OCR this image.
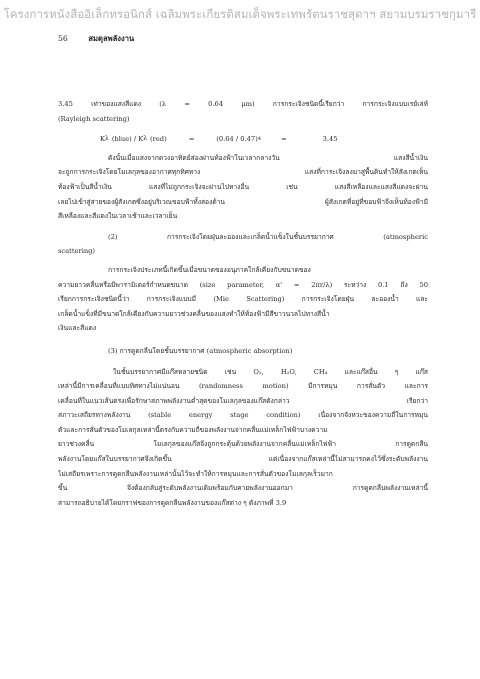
โครงการหนังสืออิเล็กทรอนิกส์ เฉลิมพระเกียรติสมเด็จพระเทพรัตนราชสุดาฯ สยามบรมราชกุมารี
56	สมดุลพลังงาน
3.45 เท่าของแสงสีแดง (λ = 0.64 μm) การกระเจิงชนิดนี้เรียกว่า การกระเจิงแบบเรย์เล่ห์
(Rayleigh scattering)
K λ (blue) / K λ (red)	=	(0.64 / 0.47) 4	=	3.45
ดังนั้นเมื่อแสงจากดวงอาทิตย์ส่องผ่านท้องฟ้าในเวลากลางวัน แสงสีน้ำเงิน
จะถูกการกระเจิงโดยโมเลกุลของอากาศทุกทิศทาง แสงที่การะเจิงลงมาสู่พื้นดินทำให้สังเกตเห็น
ท้องฟ้าเป็นสีน้ำเงิน แสงที่ไม่ถูกกระเจิงจะผ่านไปทางอื่น เช่น แสงสีเหลืองและแสงสีแดงจะผ่าน
เลยไปเข้าสู่สายของผู้สังเกตซึ่งอยู่บริเวณขอบฟ้าทั้งสองด้าน ผู้สังเกตที่อยู่ที่ขอบฟ้าจึงเห็นท้องฟ้ามี
สีเหลืองและสีแดงในเวลาเช้าและเวลาเย็น
(2) การกระเจิงโดยฝุ่นละอองและเกล็ดน้ำแข็งในชั้นบรรยากาศ (atmospheric
scattering)
การกระเจิงประเภทนี้เกิดขึ้นเมื่อขนาดของอนุภาคใกล้เคียงกับขนาดของ
ความยาวคลื่นหรือมีพารามิเตอร์กำหนดขนาด (size parameter, α' = 2πr/λ) ระหว่าง 0.1 ถึง 50
เรียกการกระเจิงชนิดนี้ว่า การกระเจิงแบบมี (Mie Scattering) การกระเจิงโดยฝุ่น ละอองน้ำ และ
เกล็ดน้ำแข็งที่มีขนาดใกล้เคียงกับความยาวช่วงคลื่นของแสงทำให้ท้องฟ้ามีสีขาวนวลไปทางสีน้ำ
เงินและสีแดง
(3) การดูดกลืนโดยชั้นบรรยากาศ (atmospheric absorption)
ในชั้นบรรยากาศมีแก๊สหลายชนิด เช่น O₂, H₂O, CH₄ และแก๊สอื่น ๆ แก๊ส
เหล่านี้มีการเคลื่อนที่แบบทิศทางไม่แน่นอน (randomness motion) มีการหมุน การสั่นตัว และการ
เคลื่อนที่ในแนวเส้นตรงเพื่อรักษาสภาพพลังงานต่ำสุดของโมเลกุลของแก๊สดังกล่าว เรียกว่า
สภาวะเสถียรทางพลังงาน (stable energy stage condition) เนื่องจากจังหวะของความถี่ในการหมุน
ตัวและการสั่นตัวของโมเลกุลเหล่านี้ตรงกับความถี่ของพลังงานจากคลื่นแม่เหล็กไฟฟ้าบางความ
ยาวช่วงคลื่น โมเลกุลของแก๊สจึงถูกกระตุ้นด้วยพลังงานจากคลื่นแม่เหล็กไฟฟ้า การดูดกลืน
พลังงานโดยแก๊สในบรรยากาศจึงเกิดขึ้น แต่เนื่องจากแก๊สเหล่านี้ไม่สามารถคงไว้ซึ่งระดับพลังงาน
ไม่เสถียรเพราะการดูดกลืนพลังงานเหล่านั้นไว้จะทำให้การหมุนและการสั่นตัวของโมเลกุลเร็วมาก
ขึ้น จึงต้องกลับสู่ระดับพลังงานเดิมพร้อมกับคายพลังงานออกมา การดูดกลืนพลังงานเหล่านี้
สามารถอธิบายได้โดยกราฟของการดูดกลืนพลังงานของแก๊สต่าง ๆ ดังภาพที่ 3.9
